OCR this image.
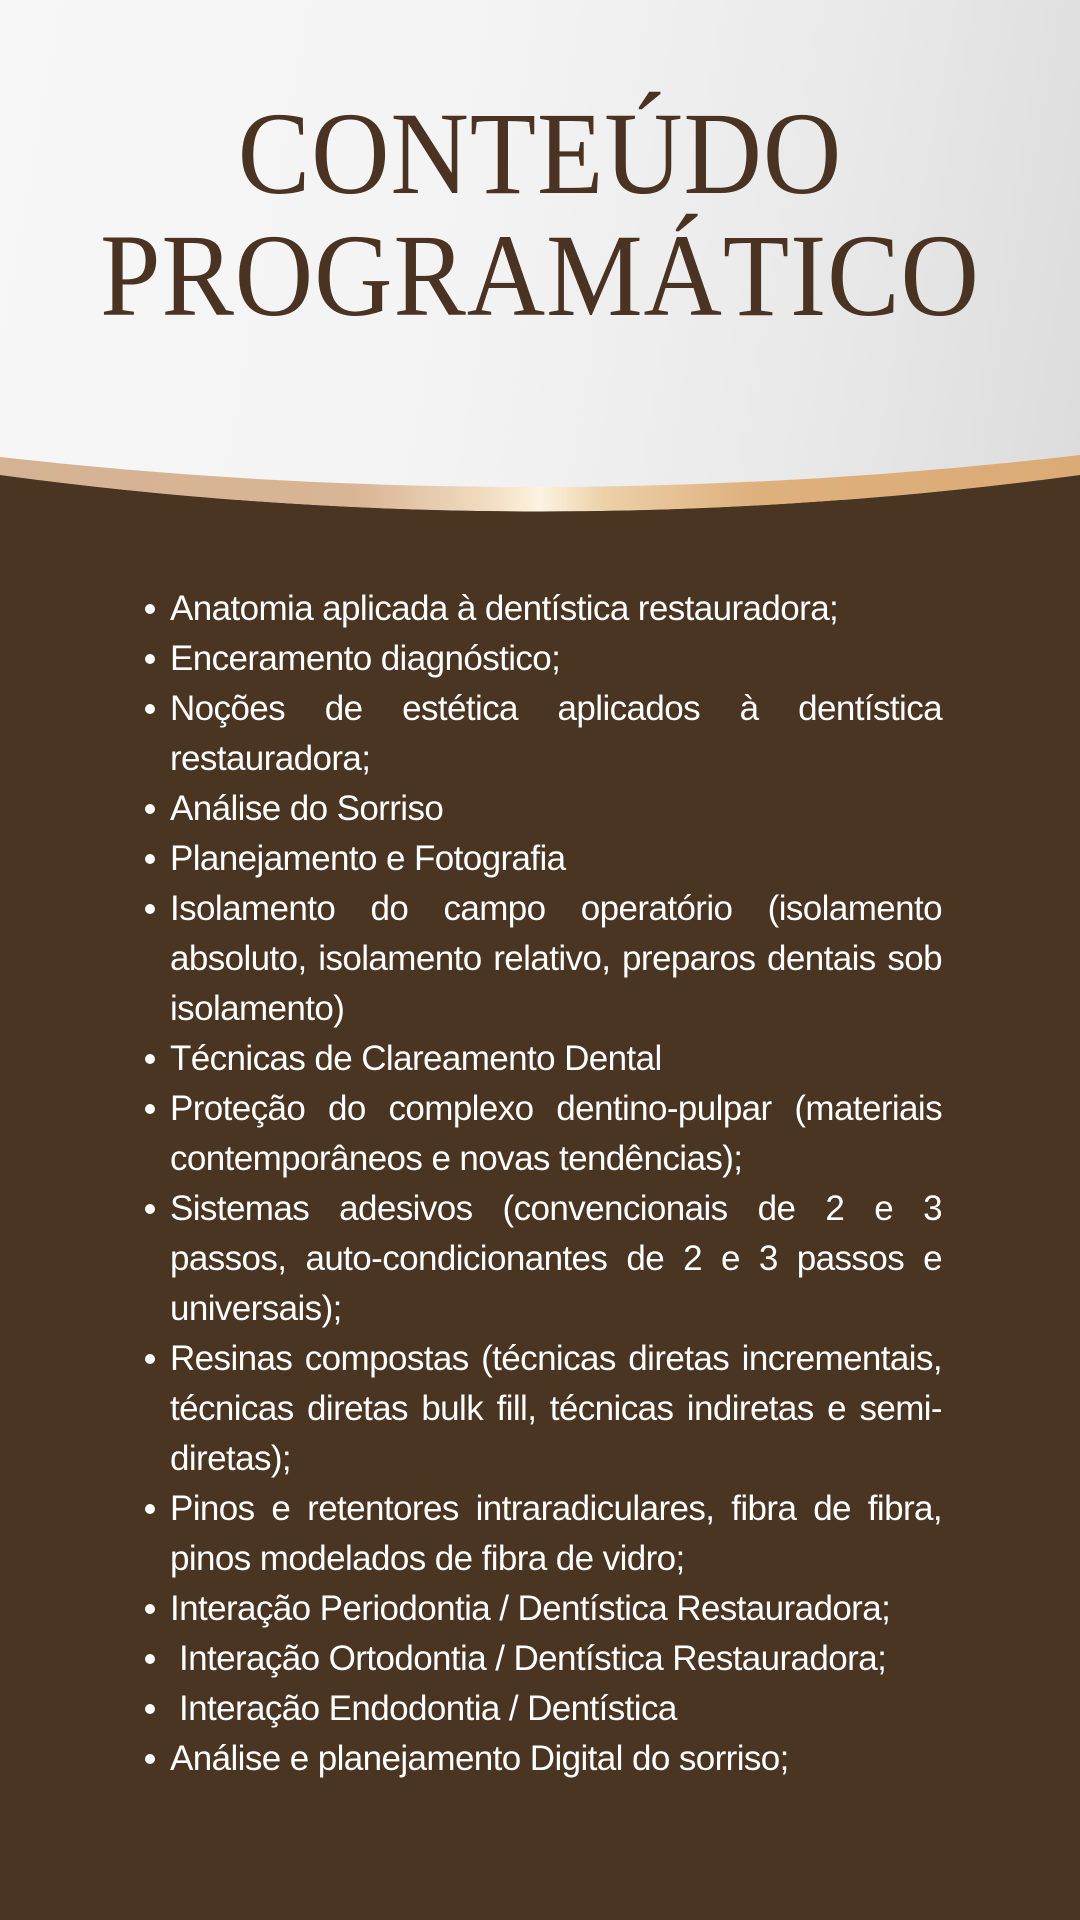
CONTEÚDO
PROGRAMÁTICO
Anatomia aplicada à dentística restauradora;
Enceramento diagnóstico;
Noções de estética aplicados à dentística restauradora;
Análise do Sorriso
Planejamento e Fotografia
Isolamento do campo operatório (isolamento absoluto, isolamento relativo, preparos dentais sob isolamento)
Técnicas de Clareamento Dental
Proteção do complexo dentino-pulpar (materiais contemporâneos e novas tendências);
Sistemas adesivos (convencionais de 2 e 3 passos, auto-condicionantes de 2 e 3 passos e universais);
Resinas compostas (técnicas diretas incrementais, técnicas diretas bulk fill, técnicas indiretas e semi-diretas);
Pinos e retentores intraradiculares, fibra de fibra, pinos modelados de fibra de vidro;
Interação Periodontia / Dentística Restauradora;
Interação Ortodontia / Dentística Restauradora;
Interação Endodontia / Dentística
Análise e planejamento Digital do sorriso;
